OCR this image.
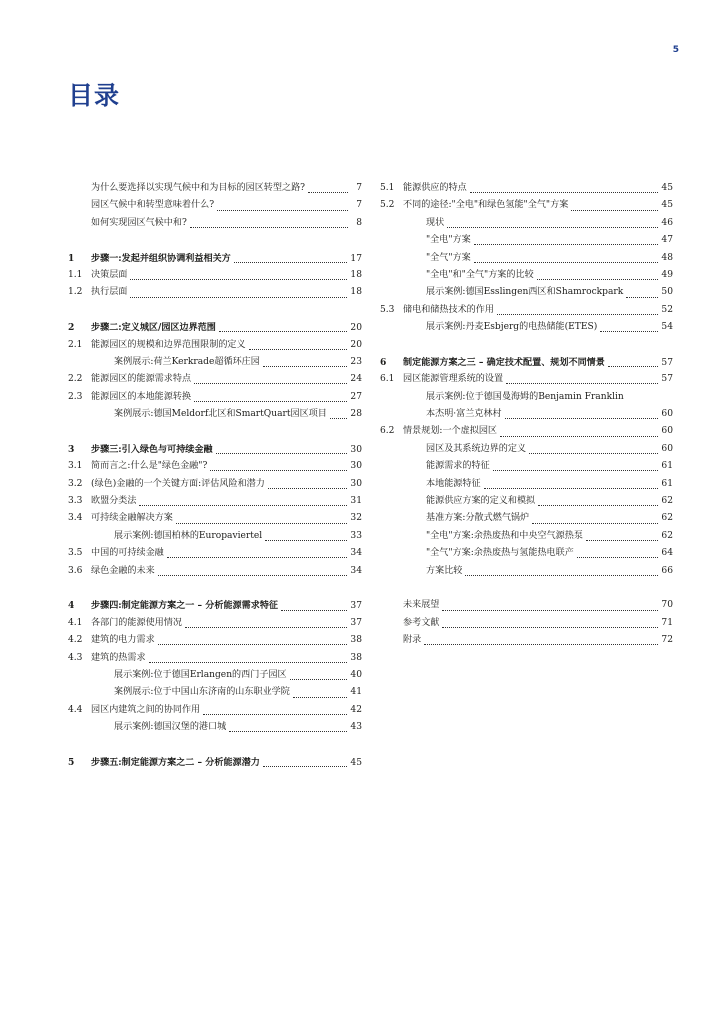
5
目录
为什么要选择以实现气候中和为目标的园区转型之路?	7
园区气候中和转型意味着什么?	7
如何实现园区气候中和?	8
1	步骤一:发起并组织协调利益相关方	17
1.1 决策层面	18
1.2 执行层面	18
2	步骤二:定义城区/园区边界范围	20
2.1 能源园区的规模和边界范围限制的定义	20
案例展示:荷兰Kerkrade超循环庄园	23
2.2 能源园区的能源需求特点	24
2.3 能源园区的本地能源转换	27
案例展示:德国Meldorf北区和SmartQuart园区项目	28
3	步骤三:引入绿色与可持续金融	30
3.1 简而言之:什么是"绿色金融"?	30
3.2 (绿色)金融的一个关键方面:评估风险和潜力	30
3.3 欧盟分类法	31
3.4 可持续金融解决方案	32
展示案例:德国柏林的Europaviertel	33
3.5 中国的可持续金融	34
3.6 绿色金融的未来	34
4	步骤四:制定能源方案之一 – 分析能源需求特征	37
4.1 各部门的能源使用情况	37
4.2 建筑的电力需求	38
4.3 建筑的热需求	38
展示案例:位于德国Erlangen的西门子园区	40
案例展示:位于中国山东济南的山东职业学院	41
4.4 园区内建筑之间的协同作用	42
展示案例:德国汉堡的港口城	43
5	步骤五:制定能源方案之二 – 分析能源潜力	45
5.1 能源供应的特点	45
5.2 不同的途径:"全电"和绿色氢能"全气"方案	45
现状	46
"全电"方案	47
"全气"方案	48
"全电"和"全气"方案的比较	49
展示案例:德国Esslingen西区和Shamrockpark	50
5.3 储电和储热技术的作用	52
展示案例:丹麦Esbjerg的电热储能(ETES)	54
6	制定能源方案之三 – 确定技术配置、规划不同情景	57
6.1 园区能源管理系统的设置	57
展示案例:位于德国曼海姆的Benjamin Franklin
本杰明·富兰克林村	60
6.2 情景规划:一个虚拟园区	60
园区及其系统边界的定义	60
能源需求的特征	61
本地能源特征	61
能源供应方案的定义和模拟	62
基准方案:分散式燃气锅炉	62
"全电"方案:余热废热和中央空气源热泵	62
"全气"方案:余热废热与氢能热电联产	64
方案比较	66
未来展望	70
参考文献	71
附录	72
